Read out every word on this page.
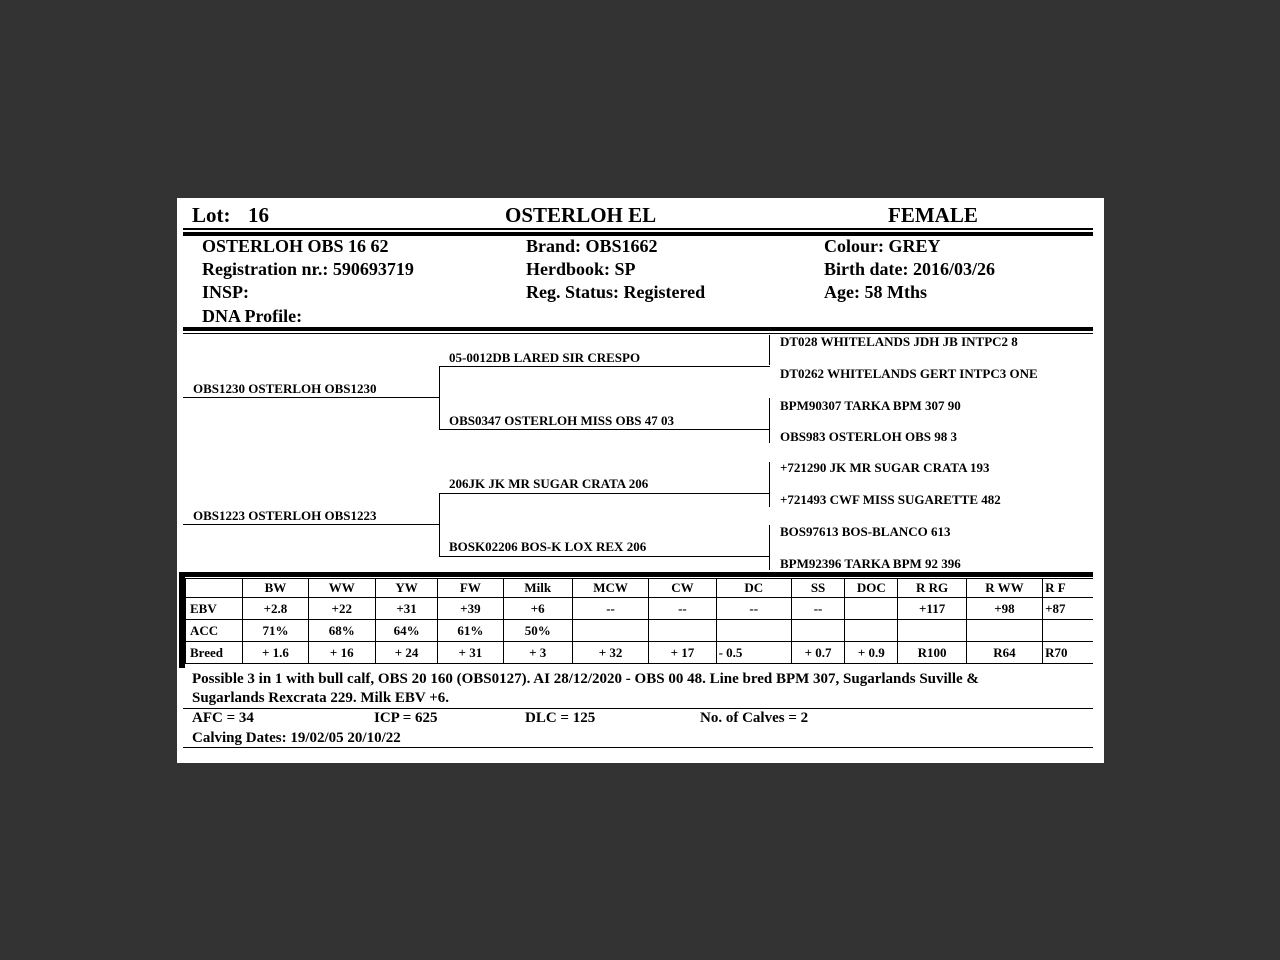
Lot: 16	OSTERLOH EL	FEMALE
OSTERLOH OBS 16 62
Registration nr.: 590693719
INSP:
DNA Profile:
Brand: OBS1662
Herdbook: SP
Reg. Status: Registered
Colour: GREY
Birth date: 2016/03/26
Age: 58 Mths
OBS1230 OSTERLOH OBS1230
OBS1223 OSTERLOH OBS1223
05-0012DB LARED SIR CRESPO
OBS0347 OSTERLOH MISS OBS 47 03
206JK JK MR SUGAR CRATA 206
BOSK02206 BOS-K LOX REX 206
DT028 WHITELANDS JDH JB INTPC2 8
DT0262 WHITELANDS GERT INTPC3 ONE
BPM90307 TARKA BPM 307 90
OBS983 OSTERLOH OBS 98 3
+721290 JK MR SUGAR CRATA 193
+721493 CWF MISS SUGARETTE 482
BOS97613 BOS-BLANCO 613
BPM92396 TARKA BPM 92 396
	BW	WW	YW	FW	Milk	MCW	CW	DC	SS	DOC	R RG	R WW	R F
EBV	+2.8	+22	+31	+39	+6	--	--	--	--		+117	+98	+87
ACC	71%	68%	64%	61%	50%								
Breed	+ 1.6	+ 16	+ 24	+ 31	+ 3	+ 32	+ 17	- 0.5	+ 0.7	+ 0.9	R100	R64	R70
Possible 3 in 1 with bull calf, OBS 20 160 (OBS0127). AI 28/12/2020 - OBS 00 48. Line bred BPM 307, Sugarlands Suville &
Sugarlands Rexcrata 229. Milk EBV +6.
AFC = 34	ICP = 625	DLC = 125	No. of Calves = 2
Calving Dates: 19/02/05 20/10/22
